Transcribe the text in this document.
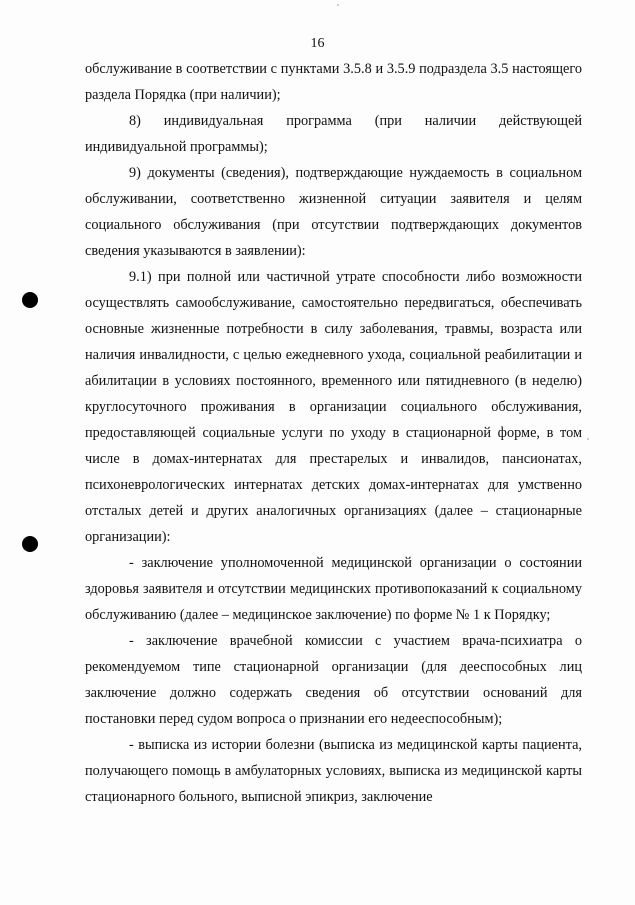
16

обслуживание в соответствии с пунктами 3.5.8 и 3.5.9 подраздела 3.5 настоящего раздела Порядка (при наличии);

8) индивидуальная программа (при наличии действующей индивидуальной программы);

9) документы (сведения), подтверждающие нуждаемость в социальном обслуживании, соответственно жизненной ситуации заявителя и целям социального обслуживания (при отсутствии подтверждающих документов сведения указываются в заявлении):

9.1) при полной или частичной утрате способности либо возможности осуществлять самообслуживание, самостоятельно передвигаться, обеспечивать основные жизненные потребности в силу заболевания, травмы, возраста или наличия инвалидности, с целью ежедневного ухода, социальной реабилитации и абилитации в условиях постоянного, временного или пятидневного (в неделю) круглосуточного проживания в организации социального обслуживания, предоставляющей социальные услуги по уходу в стационарной форме, в том числе в домах-интернатах для престарелых и инвалидов, пансионатах, психоневрологических интернатах детских домах-интернатах для умственно отсталых детей и других аналогичных организациях (далее – стационарные организации):

- заключение уполномоченной медицинской организации о состоянии здоровья заявителя и отсутствии медицинских противопоказаний к социальному обслуживанию (далее – медицинское заключение) по форме № 1 к Порядку;

- заключение врачебной комиссии с участием врача-психиатра о рекомендуемом типе стационарной организации (для дееспособных лиц заключение должно содержать сведения об отсутствии оснований для постановки перед судом вопроса о признании его недееспособным);

- выписка из истории болезни (выписка из медицинской карты пациента, получающего помощь в амбулаторных условиях, выписка из медицинской карты стационарного больного, выписной эпикриз, заключение
